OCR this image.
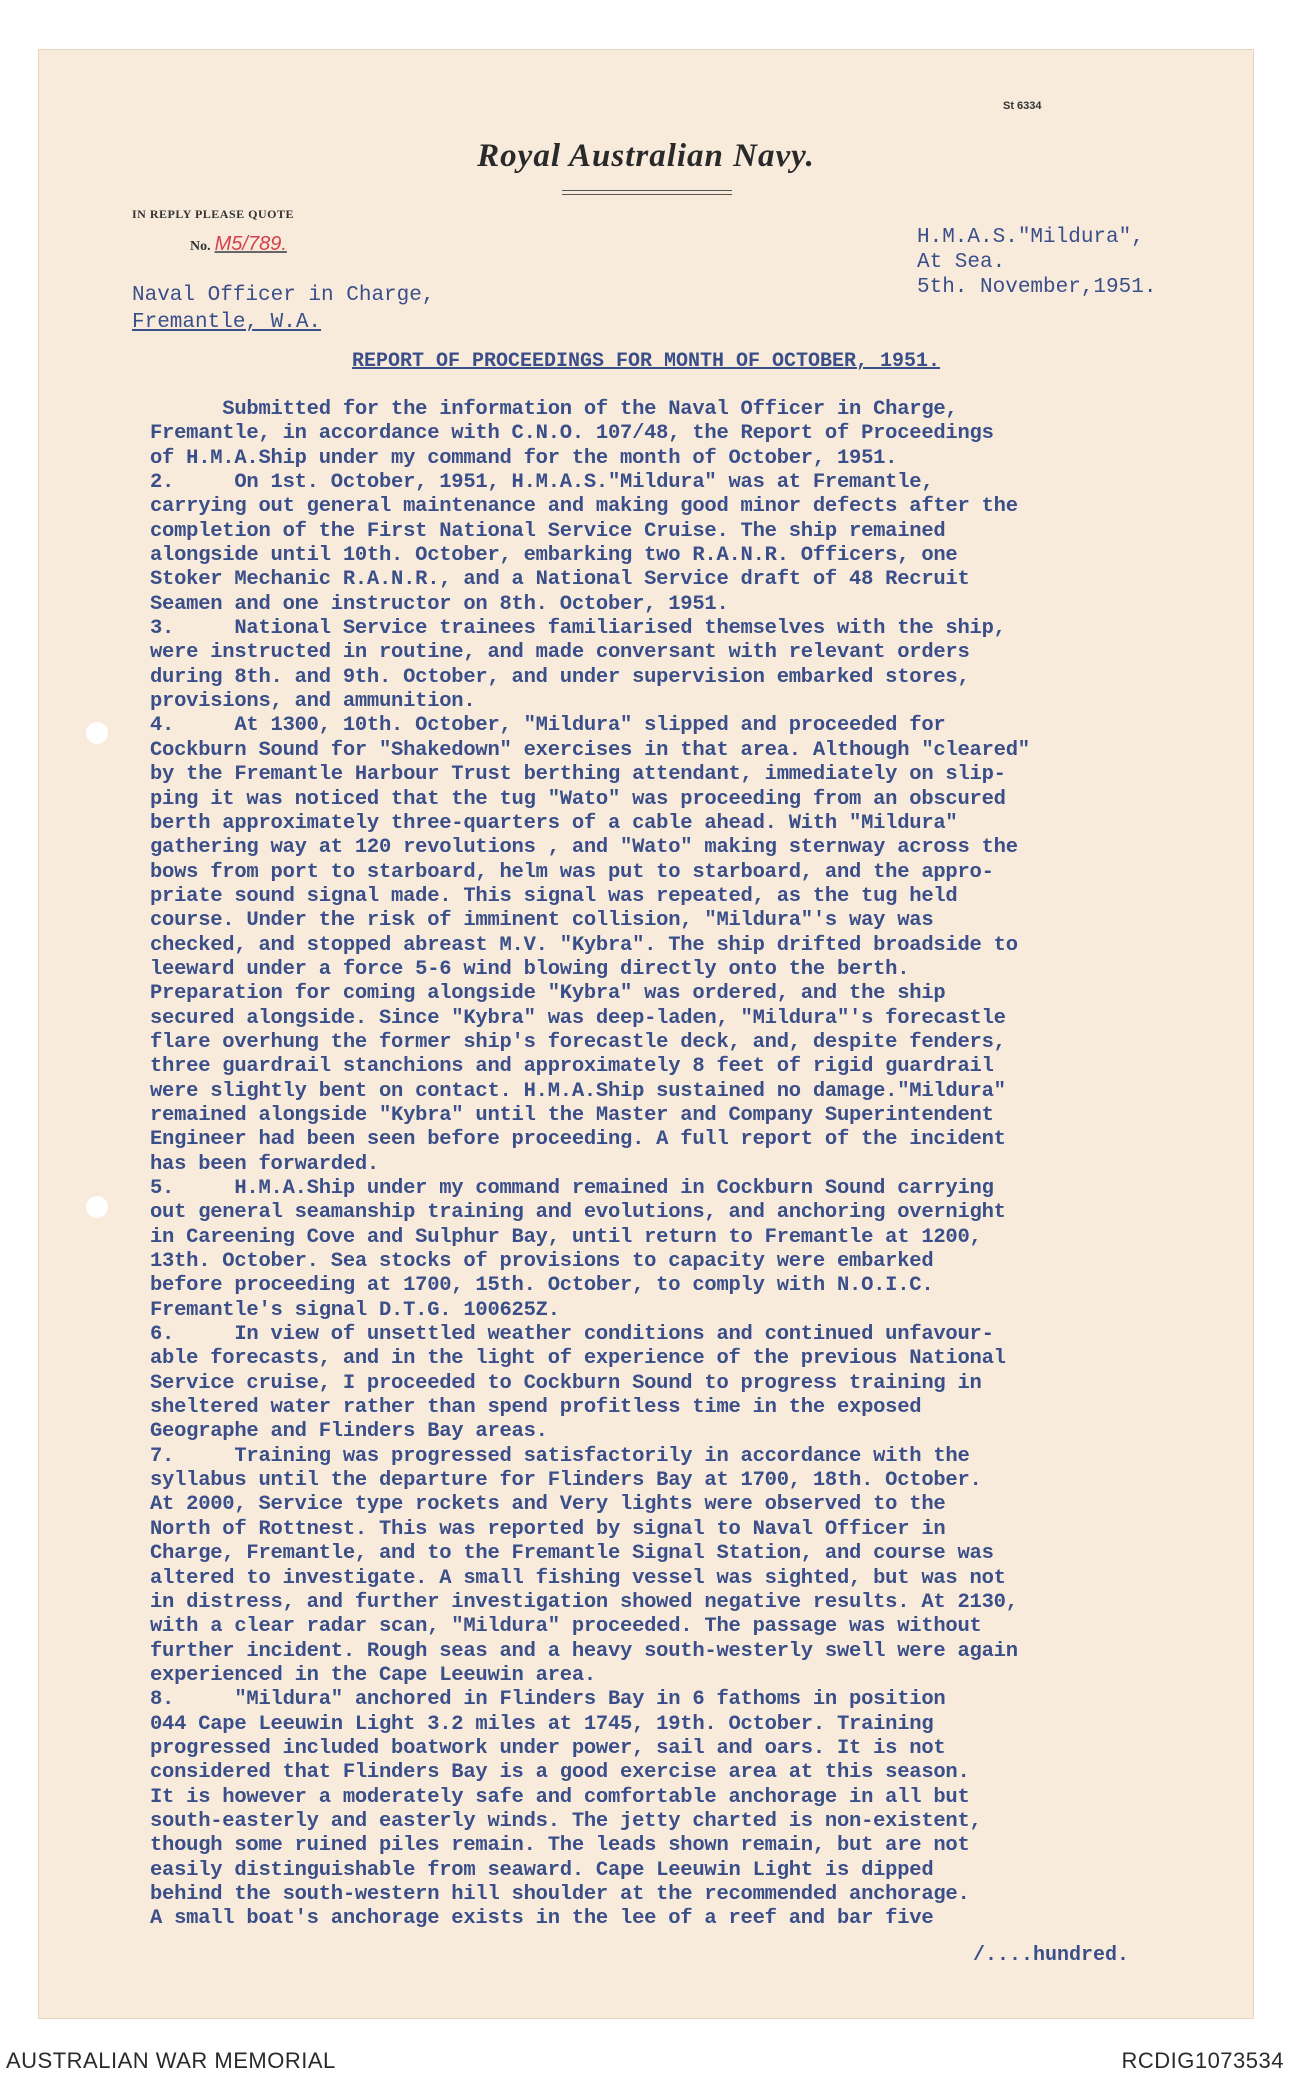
St 6334
Royal Australian Navy.
IN REPLY PLEASE QUOTE
No. M5/789.	H.M.A.S."Mildura",
At Sea.
5th. November,1951.
Naval Officer in Charge,
Fremantle, W.A.
REPORT OF PROCEEDINGS FOR MONTH OF OCTOBER, 1951.
Submitted for the information of the Naval Officer in Charge,
Fremantle, in accordance with C.N.O. 107/48, the Report of Proceedings
of H.M.A.Ship under my command for the month of October, 1951.
2.     On 1st. October, 1951, H.M.A.S."Mildura" was at Fremantle,
carrying out general maintenance and making good minor defects after the
completion of the First National Service Cruise. The ship remained
alongside until 10th. October, embarking two R.A.N.R. Officers, one
Stoker Mechanic R.A.N.R., and a National Service draft of 48 Recruit
Seamen and one instructor on 8th. October, 1951.
3.     National Service trainees familiarised themselves with the ship,
were instructed in routine, and made conversant with relevant orders
during 8th. and 9th. October, and under supervision embarked stores,
provisions, and ammunition.
4.     At 1300, 10th. October, "Mildura" slipped and proceeded for
Cockburn Sound for "Shakedown" exercises in that area. Although "cleared"
by the Fremantle Harbour Trust berthing attendant, immediately on slip-
ping it was noticed that the tug "Wato" was proceeding from an obscured
berth approximately three-quarters of a cable ahead. With "Mildura"
gathering way at 120 revolutions , and "Wato" making sternway across the
bows from port to starboard, helm was put to starboard, and the appro-
priate sound signal made. This signal was repeated, as the tug held
course. Under the risk of imminent collision, "Mildura"'s way was
checked, and stopped abreast M.V. "Kybra". The ship drifted broadside to
leeward under a force 5-6 wind blowing directly onto the berth.
Preparation for coming alongside "Kybra" was ordered, and the ship
secured alongside. Since "Kybra" was deep-laden, "Mildura"'s forecastle
flare overhung the former ship's forecastle deck, and, despite fenders,
three guardrail stanchions and approximately 8 feet of rigid guardrail
were slightly bent on contact. H.M.A.Ship sustained no damage."Mildura"
remained alongside "Kybra" until the Master and Company Superintendent
Engineer had been seen before proceeding. A full report of the incident
has been forwarded.
5.     H.M.A.Ship under my command remained in Cockburn Sound carrying
out general seamanship training and evolutions, and anchoring overnight
in Careening Cove and Sulphur Bay, until return to Fremantle at 1200,
13th. October. Sea stocks of provisions to capacity were embarked
before proceeding at 1700, 15th. October, to comply with N.O.I.C.
Fremantle's signal D.T.G. 100625Z.
6.     In view of unsettled weather conditions and continued unfavour-
able forecasts, and in the light of experience of the previous National
Service cruise, I proceeded to Cockburn Sound to progress training in
sheltered water rather than spend profitless time in the exposed
Geographe and Flinders Bay areas.
7.     Training was progressed satisfactorily in accordance with the
syllabus until the departure for Flinders Bay at 1700, 18th. October.
At 2000, Service type rockets and Very lights were observed to the
North of Rottnest. This was reported by signal to Naval Officer in
Charge, Fremantle, and to the Fremantle Signal Station, and course was
altered to investigate. A small fishing vessel was sighted, but was not
in distress, and further investigation showed negative results. At 2130,
with a clear radar scan, "Mildura" proceeded. The passage was without
further incident. Rough seas and a heavy south-westerly swell were again
experienced in the Cape Leeuwin area.
8.     "Mildura" anchored in Flinders Bay in 6 fathoms in position
044 Cape Leeuwin Light 3.2 miles at 1745, 19th. October. Training
progressed included boatwork under power, sail and oars. It is not
considered that Flinders Bay is a good exercise area at this season.
It is however a moderately safe and comfortable anchorage in all but
south-easterly and easterly winds. The jetty charted is non-existent,
though some ruined piles remain. The leads shown remain, but are not
easily distinguishable from seaward. Cape Leeuwin Light is dipped
behind the south-western hill shoulder at the recommended anchorage.
A small boat's anchorage exists in the lee of a reef and bar five
/....hundred.
AUSTRALIAN WAR MEMORIAL	RCDIG1073534
